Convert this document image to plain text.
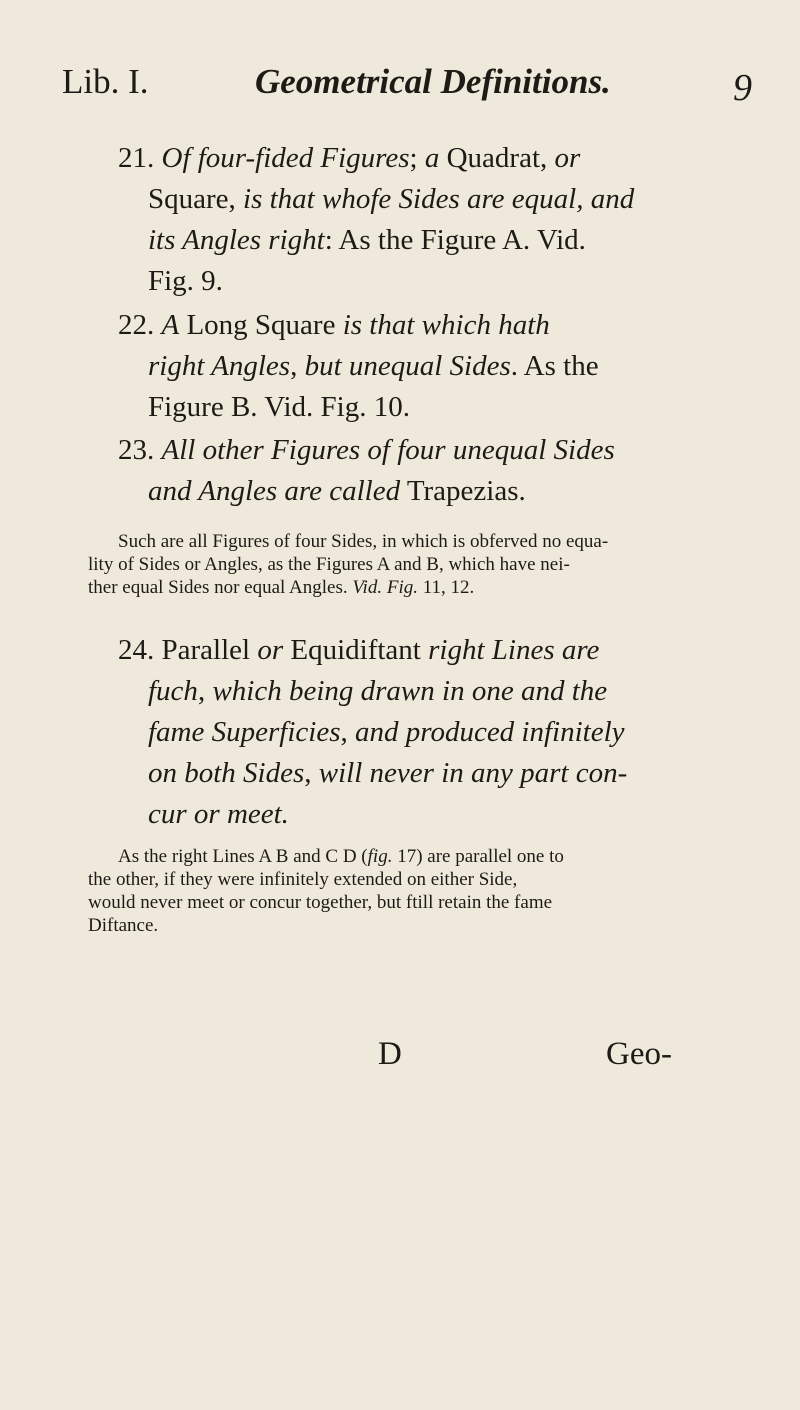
Lib. I.	Geometrical Definitions.	9
21. Of four-fided Figures; a Quadrat, or
Square, is that whofe Sides are equal, and
its Angles right: As the Figure A. Vid.
Fig. 9.
22. A Long Square is that which hath
right Angles, but unequal Sides. As the
Figure B. Vid. Fig. 10.
23. All other Figures of four unequal Sides
and Angles are called Trapezias.
Such are all Figures of four Sides, in which is obferved no equa-
lity of Sides or Angles, as the Figures A and B, which have nei-
ther equal Sides nor equal Angles. Vid. Fig. 11, 12.
24. Parallel or Equidiftant right Lines are
fuch, which being drawn in one and the
fame Superficies, and produced infinitely
on both Sides, will never in any part con-
cur or meet.
As the right Lines A B and C D (fig. 17) are parallel one to
the other, if they were infinitely extended on either Side,
would never meet or concur together, but ftill retain the fame
Diftance.
D	Geo-
